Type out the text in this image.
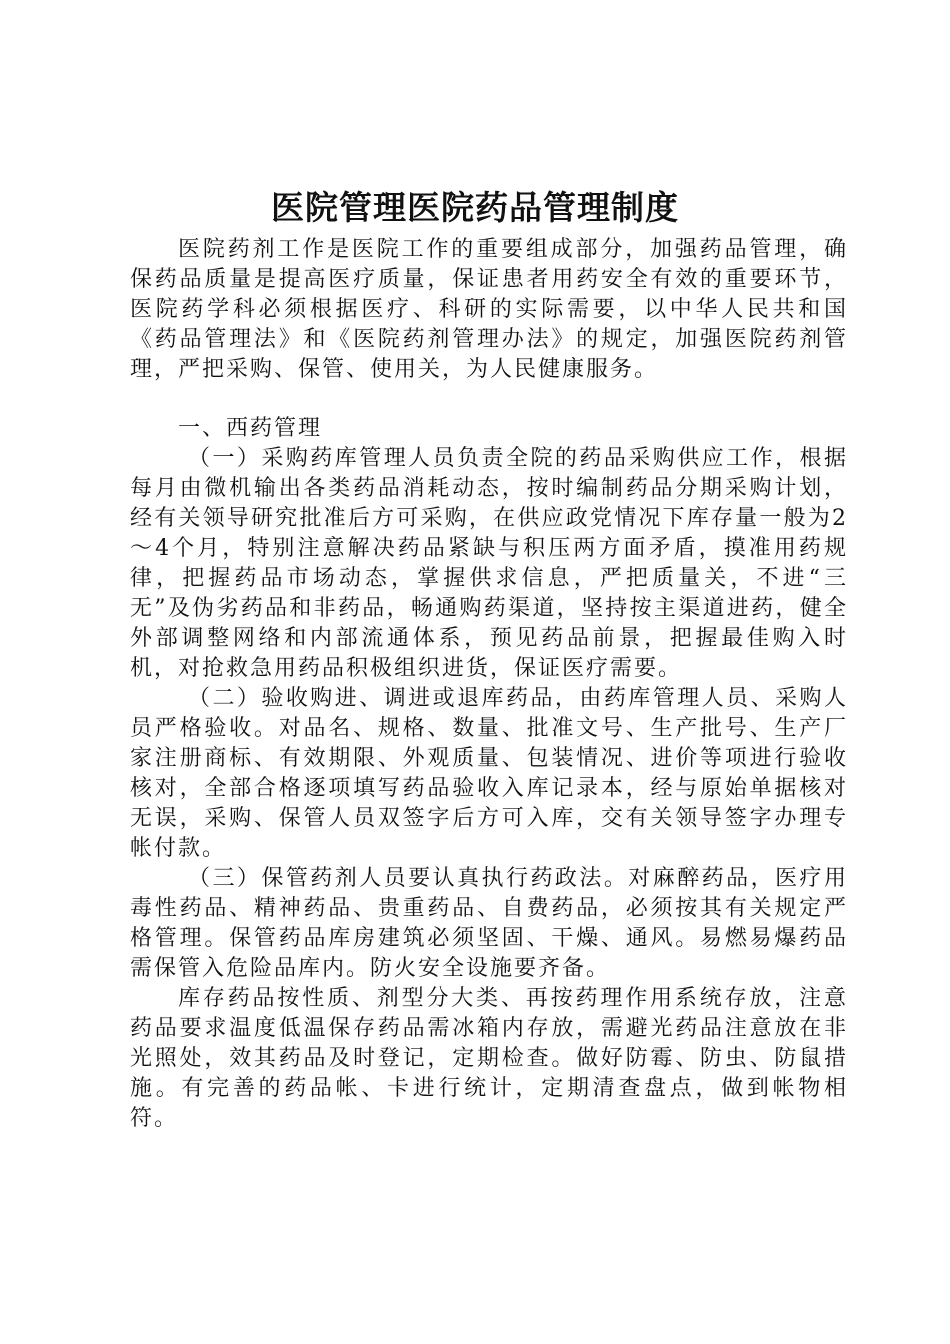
医院管理医院药品管理制度

医院药剂工作是医院工作的重要组成部分，加强药品管理，确保药品质量是提高医疗质量，保证患者用药安全有效的重要环节，医院药学科必须根据医疗、科研的实际需要，以中华人民共和国《药品管理法》和《医院药剂管理办法》的规定，加强医院药剂管理，严把采购、保管、使用关，为人民健康服务。

一、西药管理

（一）采购药库管理人员负责全院的药品采购供应工作，根据每月由微机输出各类药品消耗动态，按时编制药品分期采购计划，经有关领导研究批准后方可采购，在供应政党情况下库存量一般为2～4个月，特别注意解决药品紧缺与积压两方面矛盾，摸准用药规律，把握药品市场动态，掌握供求信息，严把质量关，不进“三无”及伪劣药品和非药品，畅通购药渠道，坚持按主渠道进药，健全外部调整网络和内部流通体系，预见药品前景，把握最佳购入时机，对抢救急用药品积极组织进货，保证医疗需要。

（二）验收购进、调进或退库药品，由药库管理人员、采购人员严格验收。对品名、规格、数量、批准文号、生产批号、生产厂家注册商标、有效期限、外观质量、包装情况、进价等项进行验收核对，全部合格逐项填写药品验收入库记录本，经与原始单据核对无误，采购、保管人员双签字后方可入库，交有关领导签字办理专帐付款。

（三）保管药剂人员要认真执行药政法。对麻醉药品，医疗用毒性药品、精神药品、贵重药品、自费药品，必须按其有关规定严格管理。保管药品库房建筑必须坚固、干燥、通风。易燃易爆药品需保管入危险品库内。防火安全设施要齐备。

库存药品按性质、剂型分大类、再按药理作用系统存放，注意药品要求温度低温保存药品需冰箱内存放，需避光药品注意放在非光照处，效其药品及时登记，定期检查。做好防霉、防虫、防鼠措施。有完善的药品帐、卡进行统计，定期清查盘点，做到帐物相符。
